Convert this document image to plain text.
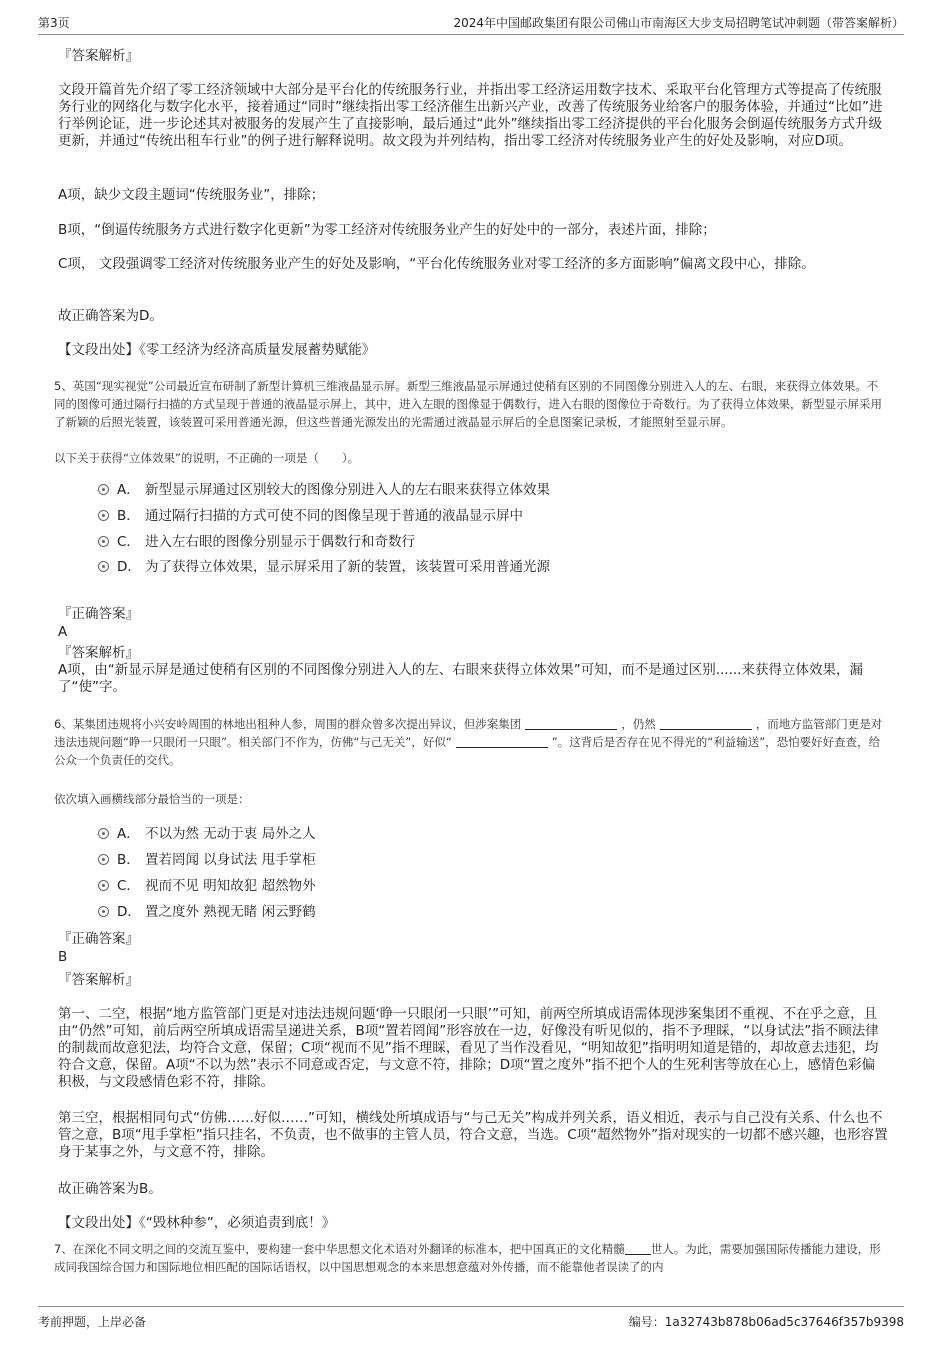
第3页	2024年中国邮政集团有限公司佛山市南海区大步支局招聘笔试冲刺题（带答案解析）
『答案解析』
文段开篇首先介绍了零工经济领域中大部分是平台化的传统服务行业，并指出零工经济运用数字技术、采取平台化管理方式等提高了传统服务行业的网络化与数字化水平，接着通过“同时”继续指出零工经济催生出新兴产业，改善了传统服务业给客户的服务体验，并通过“比如”进行举例论证，进一步论述其对被服务的发展产生了直接影响，最后通过“此外”继续指出零工经济提供的平台化服务会倒逼传统服务方式升级更新，并通过“传统出租车行业”的例子进行解释说明。故文段为并列结构，指出零工经济对传统服务业产生的好处及影响，对应D项。
A项，缺少文段主题词“传统服务业”，排除；
B项，“倒逼传统服务方式进行数字化更新”为零工经济对传统服务业产生的好处中的一部分，表述片面，排除；
C项， 文段强调零工经济对传统服务业产生的好处及影响，“平台化传统服务业对零工经济的多方面影响”偏离文段中心，排除。
故正确答案为D。
【文段出处】《零工经济为经济高质量发展蓄势赋能》
5、英国“现实视觉”公司最近宣布研制了新型计算机三维液晶显示屏。新型三维液晶显示屏通过使稍有区别的不同图像分别进入人的左、右眼，来获得立体效果。不同的图像可通过隔行扫描的方式呈现于普通的液晶显示屏上，其中，进入左眼的图像显于偶数行，进入右眼的图像位于奇数行。为了获得立体效果，新型显示屏采用了新颖的后照光装置，该装置可采用普通光源，但这些普通光源发出的光需通过液晶显示屏后的全息图案记录板，才能照射至显示屏。
以下关于获得“立体效果”的说明，不正确的一项是（　　）。
A． 新型显示屏通过区别较大的图像分别进入人的左右眼来获得立体效果
B． 通过隔行扫描的方式可使不同的图像呈现于普通的液晶显示屏中
C． 进入左右眼的图像分别显示于偶数行和奇数行
D． 为了获得立体效果，显示屏采用了新的装置，该装置可采用普通光源
『正确答案』
A
『答案解析』
A项，由“新显示屏是通过使稍有区别的不同图像分别进入人的左、右眼来获得立体效果”可知，而不是通过区别......来获得立体效果，漏了“使”字。
6、某集团违规将小兴安岭周围的林地出租种人参，周围的群众曾多次提出异议，但涉案集团	，仍然	，而地方监管部门更是对违法违规问题“睁一只眼闭一只眼”。相关部门不作为，仿佛“与己无关”，好似“	”。这背后是否存在见不得光的“利益输送”，恐怕要好好查查，给公众一个负责任的交代。
依次填入画横线部分最恰当的一项是：
A． 不以为然 无动于衷 局外之人
B． 置若罔闻 以身试法 甩手掌柜
C． 视而不见 明知故犯 超然物外
D． 置之度外 熟视无睹 闲云野鹤
『正确答案』
B
『答案解析』
第一、二空，根据“地方监管部门更是对违法违规问题‘睁一只眼闭一只眼’”可知，前两空所填成语需体现涉案集团不重视、不在乎之意，且由“仍然”可知，前后两空所填成语需呈递进关系，B项“置若罔闻”形容放在一边，好像没有听见似的，指不予理睬，“以身试法”指不顾法律的制裁而故意犯法，均符合文意，保留；C项“视而不见”指不理睬，看见了当作没看见，“明知故犯”指明明知道是错的，却故意去违犯，均符合文意，保留。A项“不以为然”表示不同意或否定，与文意不符，排除；D项“置之度外”指不把个人的生死利害等放在心上，感情色彩偏积极，与文段感情色彩不符，排除。
第三空，根据相同句式“仿佛……好似……”可知，横线处所填成语与“与己无关”构成并列关系，语义相近，表示与自己没有关系、什么也不管之意，B项“甩手掌柜”指只挂名，不负责，也不做事的主管人员，符合文意，当选。C项“超然物外”指对现实的一切都不感兴趣，也形容置身于某事之外，与文意不符，排除。
故正确答案为B。
【文段出处】《“毁林种参”，必须追责到底！》
7、在深化不同文明之间的交流互鉴中，要构建一套中华思想文化术语对外翻译的标准本，把中国真正的文化精髓 世人。为此，需要加强国际传播能力建设，形成同我国综合国力和国际地位相匹配的国际话语权，以中国思想观念的本来思想意蕴对外传播，而不能靠他者误读了的内
考前押题，上岸必备	编号：1a32743b878b06ad5c37646f357b9398
